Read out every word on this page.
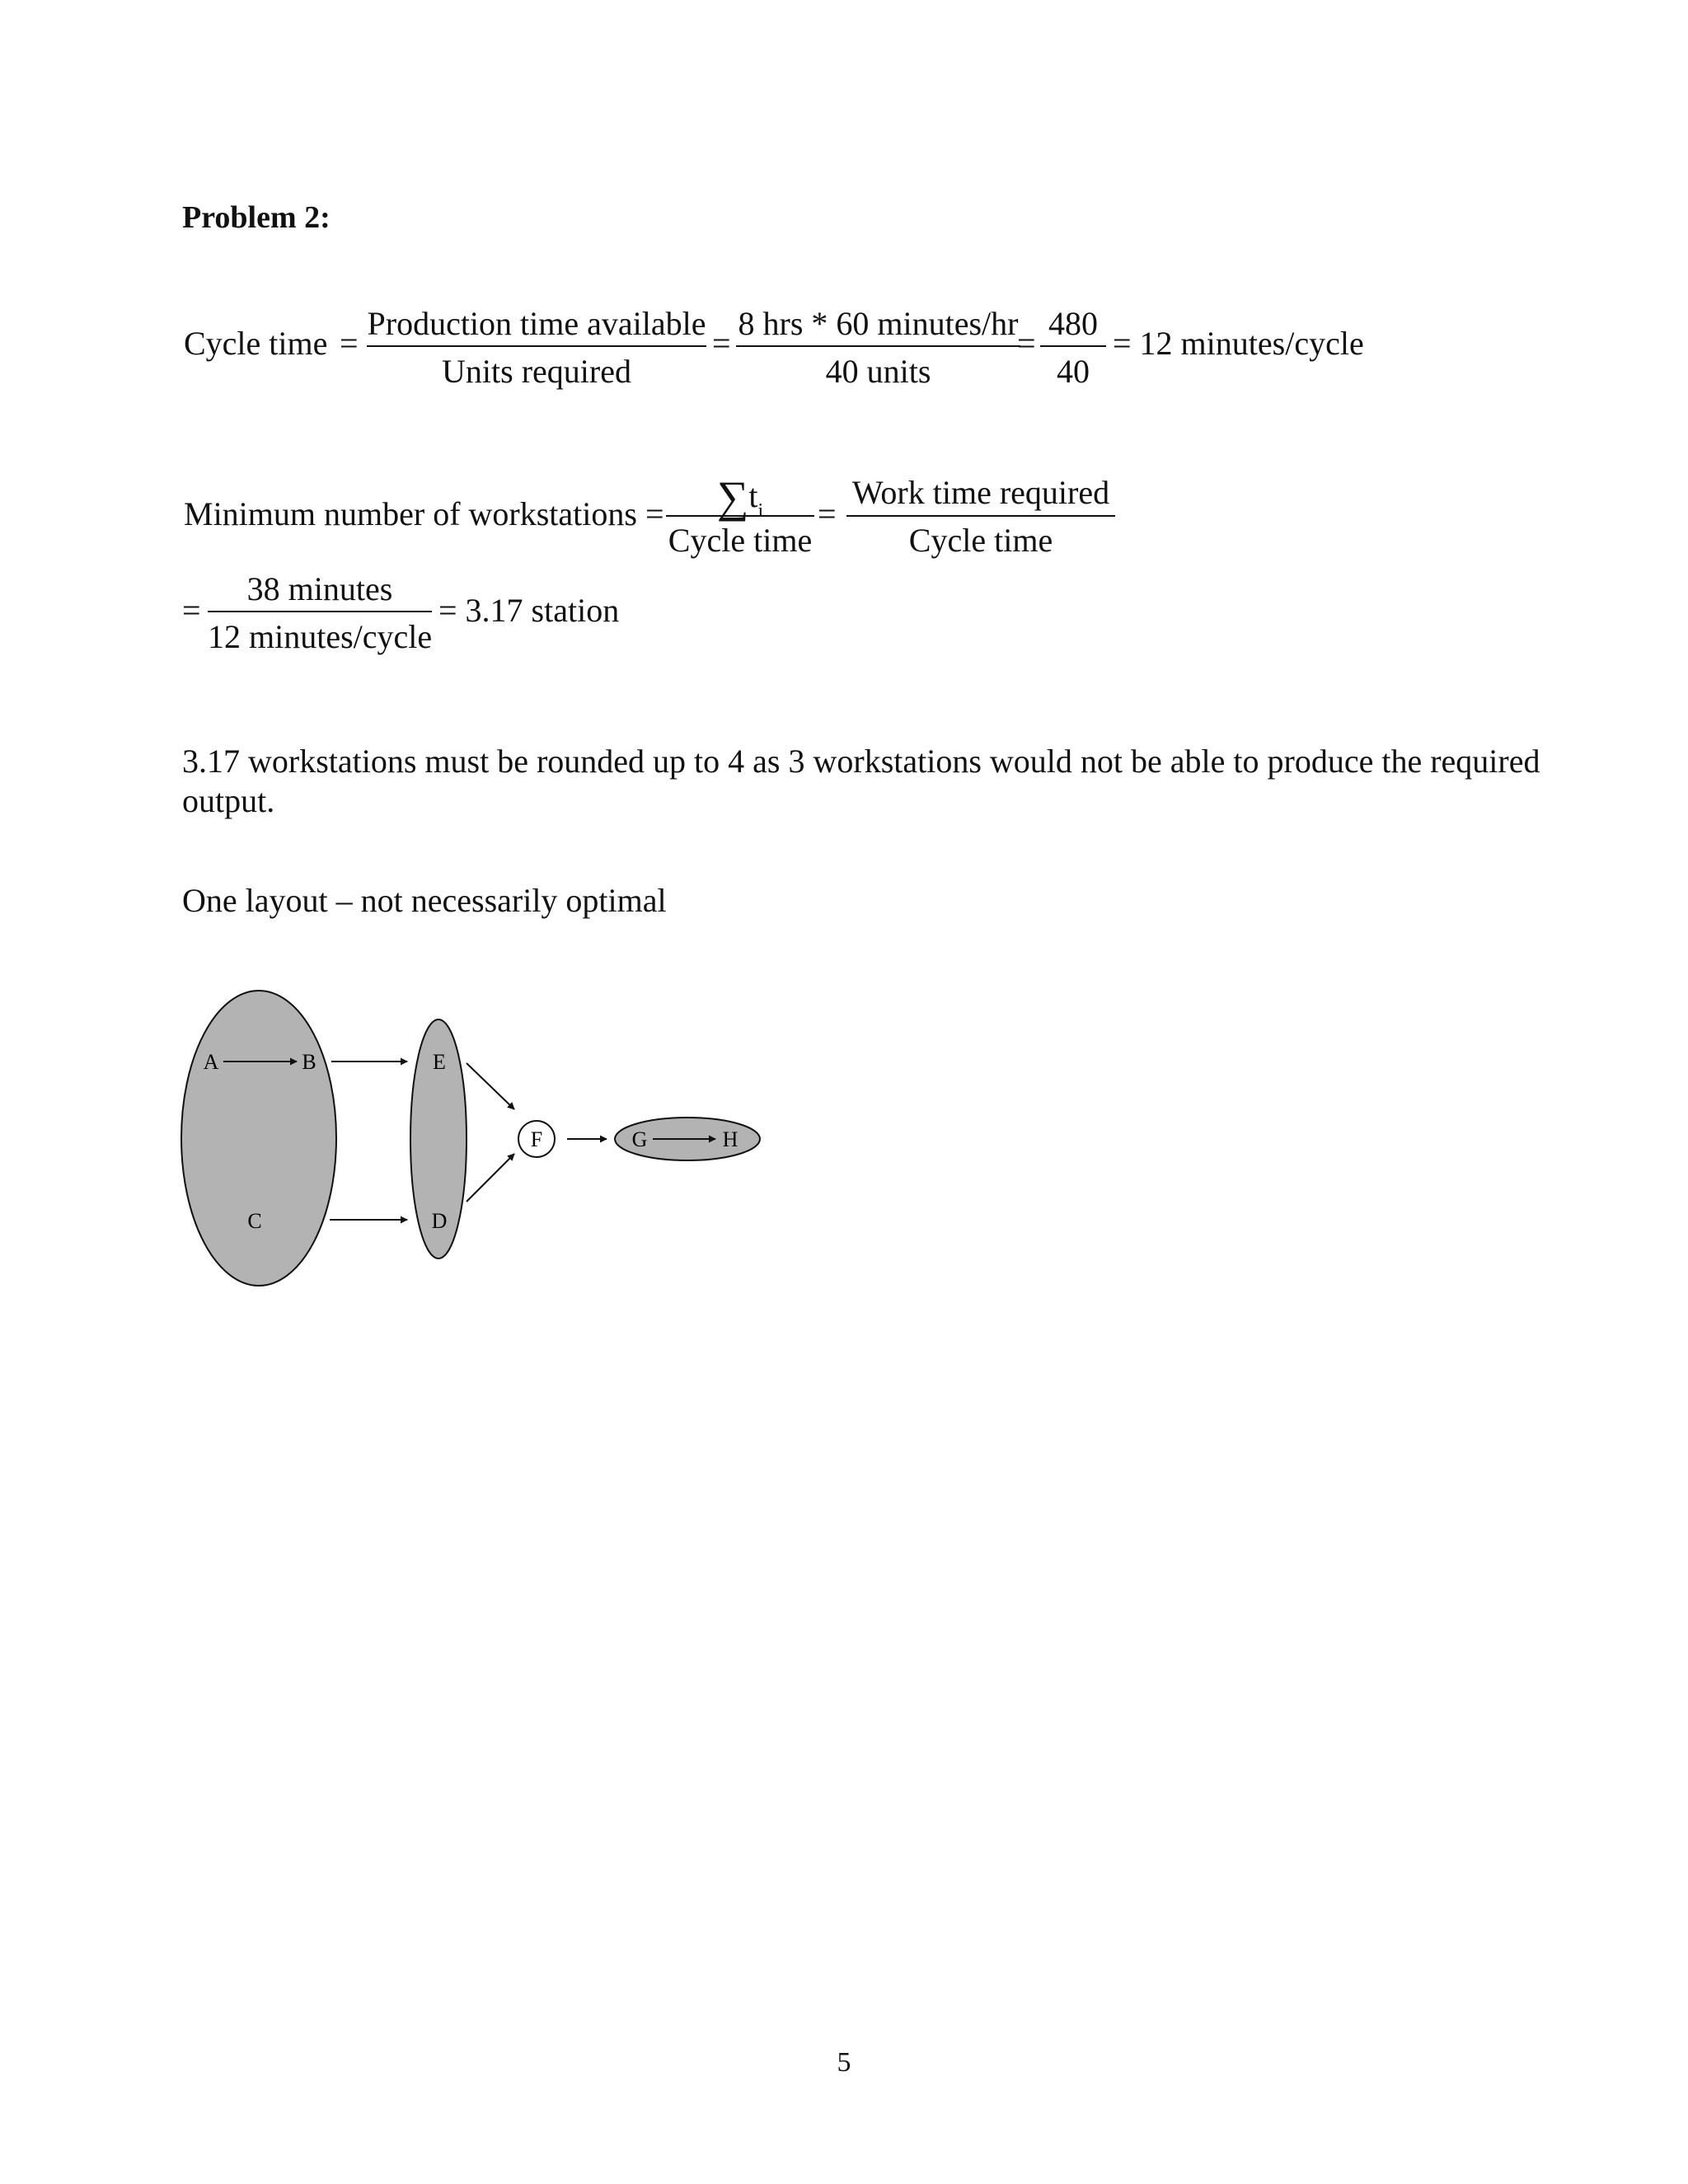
Problem 2:
Cycle time =
Production time available
Units required
=
8 hrs * 60 minutes/hr
40 units
=
480
40
= 12 minutes/cycle
Minimum number of workstations =	$\sum t_i$
Cycle time
=
Work time required
Cycle time
=
38 minutes
12 minutes/cycle
= 3.17 station
3.17 workstations must be rounded up to 4 as 3 workstations would not be able to produce the required output.
One layout – not necessarily optimal
A	B
C
E
D
F	G	H
5
